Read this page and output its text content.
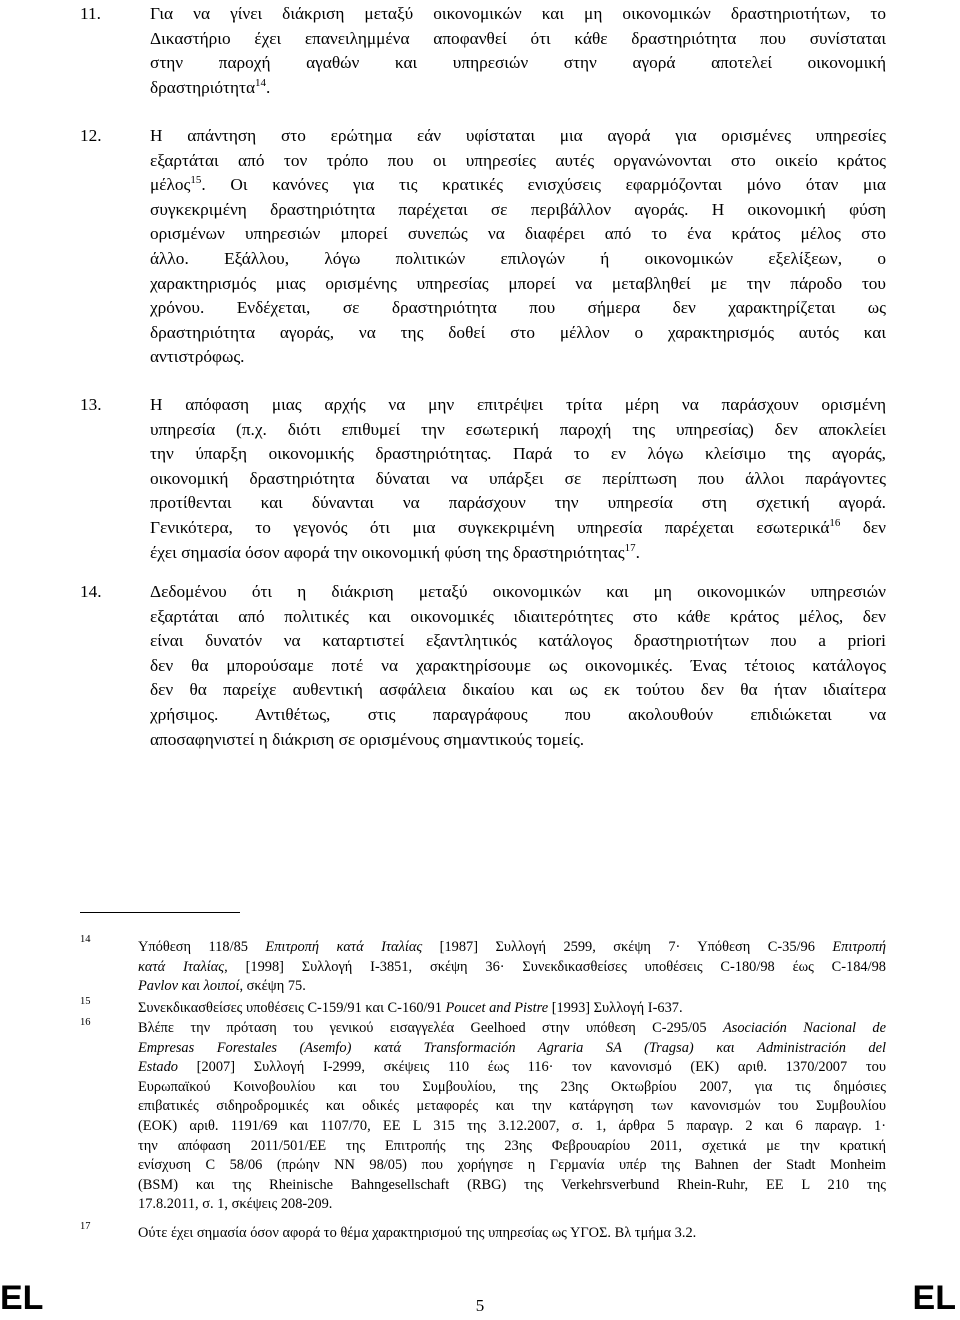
11.	Για να γίνει διάκριση μεταξύ οικονομικών και μη οικονομικών δραστηριοτήτων, το
Δικαστήριο έχει επανειλημμένα αποφανθεί ότι κάθε δραστηριότητα που συνίσταται
στην παροχή αγαθών και υπηρεσιών στην αγορά αποτελεί οικονομική
δραστηριότητα$^{14}$.
12.	Η απάντηση στο ερώτημα εάν υφίσταται μια αγορά για ορισμένες υπηρεσίες
εξαρτάται από τον τρόπο που οι υπηρεσίες αυτές οργανώνονται στο οικείο κράτος
μέλος$^{15}$. Οι κανόνες για τις κρατικές ενισχύσεις εφαρμόζονται μόνο όταν μια
συγκεκριμένη δραστηριότητα παρέχεται σε περιβάλλον αγοράς. Η οικονομική φύση
ορισμένων υπηρεσιών μπορεί συνεπώς να διαφέρει από το ένα κράτος μέλος στο
άλλο. Εξάλλου, λόγω πολιτικών επιλογών ή οικονομικών εξελίξεων, ο
χαρακτηρισμός μιας ορισμένης υπηρεσίας μπορεί να μεταβληθεί με την πάροδο του
χρόνου. Ενδέχεται, σε δραστηριότητα που σήμερα δεν χαρακτηρίζεται ως
δραστηριότητα αγοράς, να της δοθεί στο μέλλον ο χαρακτηρισμός αυτός και
αντιστρόφως.
13.	Η απόφαση μιας αρχής να μην επιτρέψει τρίτα μέρη να παράσχουν ορισμένη
υπηρεσία (π.χ. διότι επιθυμεί την εσωτερική παροχή της υπηρεσίας) δεν αποκλείει
την ύπαρξη οικονομικής δραστηριότητας. Παρά το εν λόγω κλείσιμο της αγοράς,
οικονομική δραστηριότητα δύναται να υπάρξει σε περίπτωση που άλλοι παράγοντες
προτίθενται και δύνανται να παράσχουν την υπηρεσία στη σχετική αγορά.
Γενικότερα, το γεγονός ότι μια συγκεκριμένη υπηρεσία παρέχεται εσωτερικά$^{16}$ δεν
έχει σημασία όσον αφορά την οικονομική φύση της δραστηριότητας$^{17}$.
14.	Δεδομένου ότι η διάκριση μεταξύ οικονομικών και μη οικονομικών υπηρεσιών
εξαρτάται από πολιτικές και οικονομικές ιδιαιτερότητες στο κάθε κράτος μέλος, δεν
είναι δυνατόν να καταρτιστεί εξαντλητικός κατάλογος δραστηριοτήτων που a priori
δεν θα μπορούσαμε ποτέ να χαρακτηρίσουμε ως οικονομικές. Ένας τέτοιος κατάλογος
δεν θα παρείχε αυθεντική ασφάλεια δικαίου και ως εκ τούτου δεν θα ήταν ιδιαίτερα
χρήσιμος. Αντιθέτως, στις παραγράφους που ακολουθούν επιδιώκεται να
αποσαφηνιστεί η διάκριση σε ορισμένους σημαντικούς τομείς.
14	Υπόθεση 118/85 Επιτροπή κατά Ιταλίας [1987] Συλλογή 2599, σκέψη 7· Υπόθεση C-35/96 Επιτροπή
κατά Ιταλίας, [1998] Συλλογή I-3851, σκέψη 36· Συνεκδικασθείσες υποθέσεις C-180/98 έως C-184/98
Pavlov και λοιποί, σκέψη 75.
15	Συνεκδικασθείσες υποθέσεις C-159/91 και C-160/91 Poucet and Pistre [1993] Συλλογή I-637.
16	Βλέπε την πρόταση του γενικού εισαγγελέα Geelhoed στην υπόθεση C-295/05 Asociación Nacional de
Empresas Forestales (Asemfo) κατά Transformación Agraria SA (Tragsa) και Administración del
Estado [2007] Συλλογή I-2999, σκέψεις 110 έως 116· τον κανονισμό (ΕΚ) αριθ. 1370/2007 του
Ευρωπαϊκού Κοινοβουλίου και του Συμβουλίου, της 23ης Οκτωβρίου 2007, για τις δημόσιες
επιβατικές σιδηροδρομικές και οδικές μεταφορές και την κατάργηση των κανονισμών του Συμβουλίου
(ΕΟΚ) αριθ. 1191/69 και 1107/70, ΕΕ L 315 της 3.12.2007, σ. 1, άρθρα 5 παραγρ. 2 και 6 παραγρ. 1·
την απόφαση 2011/501/ΕΕ της Επιτροπής της 23ης Φεβρουαρίου 2011, σχετικά με την κρατική
ενίσχυση C 58/06 (πρώην NN 98/05) που χορήγησε η Γερμανία υπέρ της Bahnen der Stadt Monheim
(BSM) και της Rheinische Bahngesellschaft (RBG) της Verkehrsverbund Rhein-Ruhr, ΕΕ L 210 της
17.8.2011, σ. 1, σκέψεις 208-209.
17	Ούτε έχει σημασία όσον αφορά το θέμα χαρακτηρισμού της υπηρεσίας ως ΥΓΟΣ. Βλ τμήμα 3.2.
EL	5	EL
